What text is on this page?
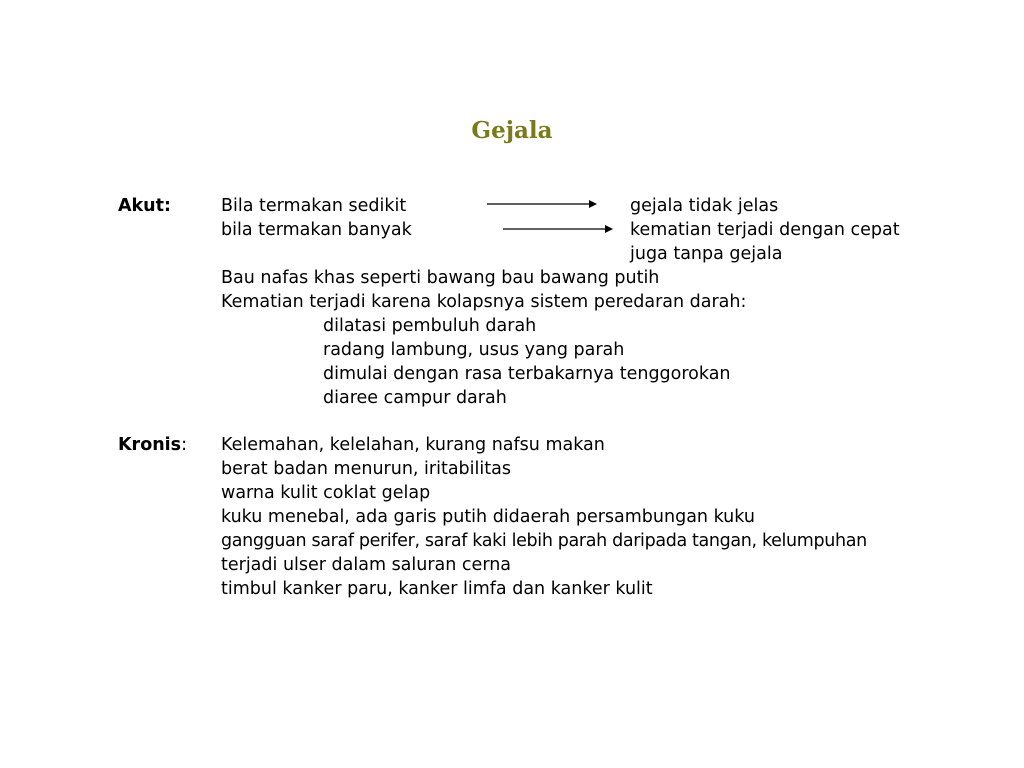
Gejala
Akut:	Bila termakan sedikit	gejala tidak jelas
bila termakan banyak	kematian terjadi dengan cepat
juga tanpa gejala
Bau nafas khas seperti bawang bau bawang putih
Kematian terjadi karena kolapsnya sistem peredaran darah:
dilatasi pembuluh darah
radang lambung, usus yang parah
dimulai dengan rasa terbakarnya tenggorokan
diaree campur darah
Kronis: Kelemahan, kelelahan, kurang nafsu makan
berat badan menurun, iritabilitas
warna kulit coklat gelap
kuku menebal, ada garis putih didaerah persambungan kuku
gangguan saraf perifer, saraf kaki lebih parah daripada tangan, kelumpuhan
terjadi ulser dalam saluran cerna
timbul kanker paru, kanker limfa dan kanker kulit
